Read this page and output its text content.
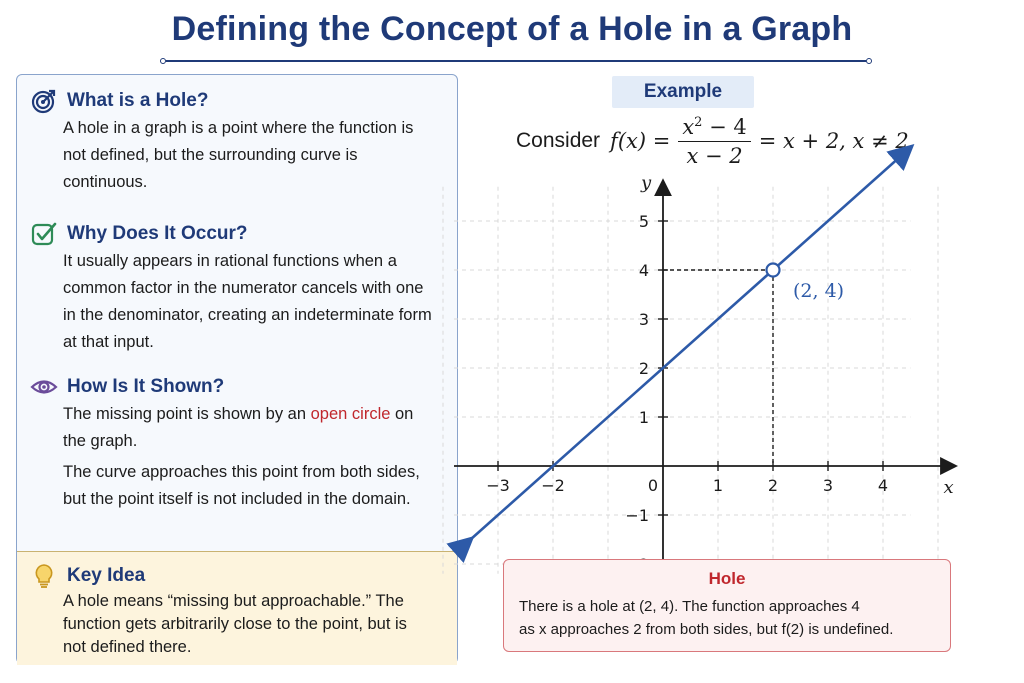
Defining the Concept of a Hole in a Graph
What is a Hole?

A hole in a graph is a point where the function is not defined, but the surrounding curve is continuous.

Why Does It Occur?

It usually appears in rational functions when a common factor in the numerator cancels with one in the denominator, creating an indeterminate form at that input.

How Is It Shown?

The missing point is shown by an open circle on the graph.

The curve approaches this point from both sides, but the point itself is not included in the domain.

Key Idea

A hole means “missing but approachable.” The function gets arbitrarily close to the point, but is not defined there.

Example
Consider $f(x) = \frac{x^2 - 4}{x - 2} = x + 2$, x ≠ 2
x
y
−3 −2	0	1	2	3	4
5
4
3
2
1
−1
(2, 4)
Hole

There is a hole at (2, 4). The function approaches 4

as x approaches 2 from both sides, but f(2) is undefined.
